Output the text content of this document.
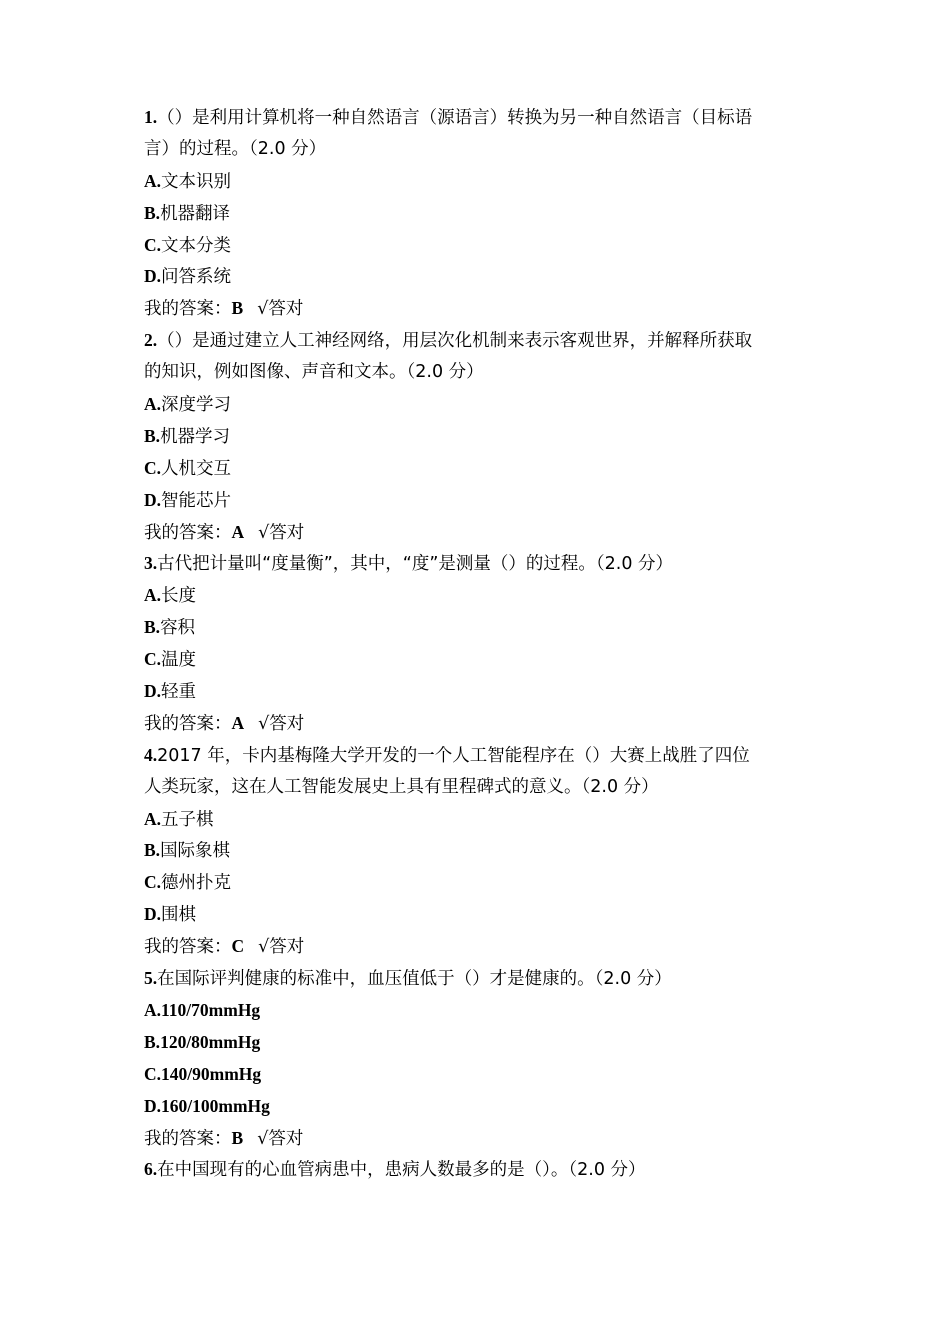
1.（）是利用计算机将一种自然语言（源语言）转换为另一种自然语言（目标语
言）的过程。（2.0 分）
A.文本识别
B.机器翻译
C.文本分类
D.问答系统
我的答案：B √答对
2.（）是通过建立人工神经网络，用层次化机制来表示客观世界，并解释所获取
的知识，例如图像、声音和文本。（2.0 分）
A.深度学习
B.机器学习
C.人机交互
D.智能芯片
我的答案：A √答对
3.古代把计量叫“度量衡”，其中，“度”是测量（）的过程。（2.0 分）
A.长度
B.容积
C.温度
D.轻重
我的答案：A √答对
4.2017 年，卡内基梅隆大学开发的一个人工智能程序在（）大赛上战胜了四位
人类玩家，这在人工智能发展史上具有里程碑式的意义。（2.0 分）
A.五子棋
B.国际象棋
C.德州扑克
D.围棋
我的答案：C √答对
5.在国际评判健康的标准中，血压值低于（）才是健康的。（2.0 分）
A.110/70mmHg
B.120/80mmHg
C.140/90mmHg
D.160/100mmHg
我的答案：B √答对
6.在中国现有的心血管病患中，患病人数最多的是（）。（2.0 分）
